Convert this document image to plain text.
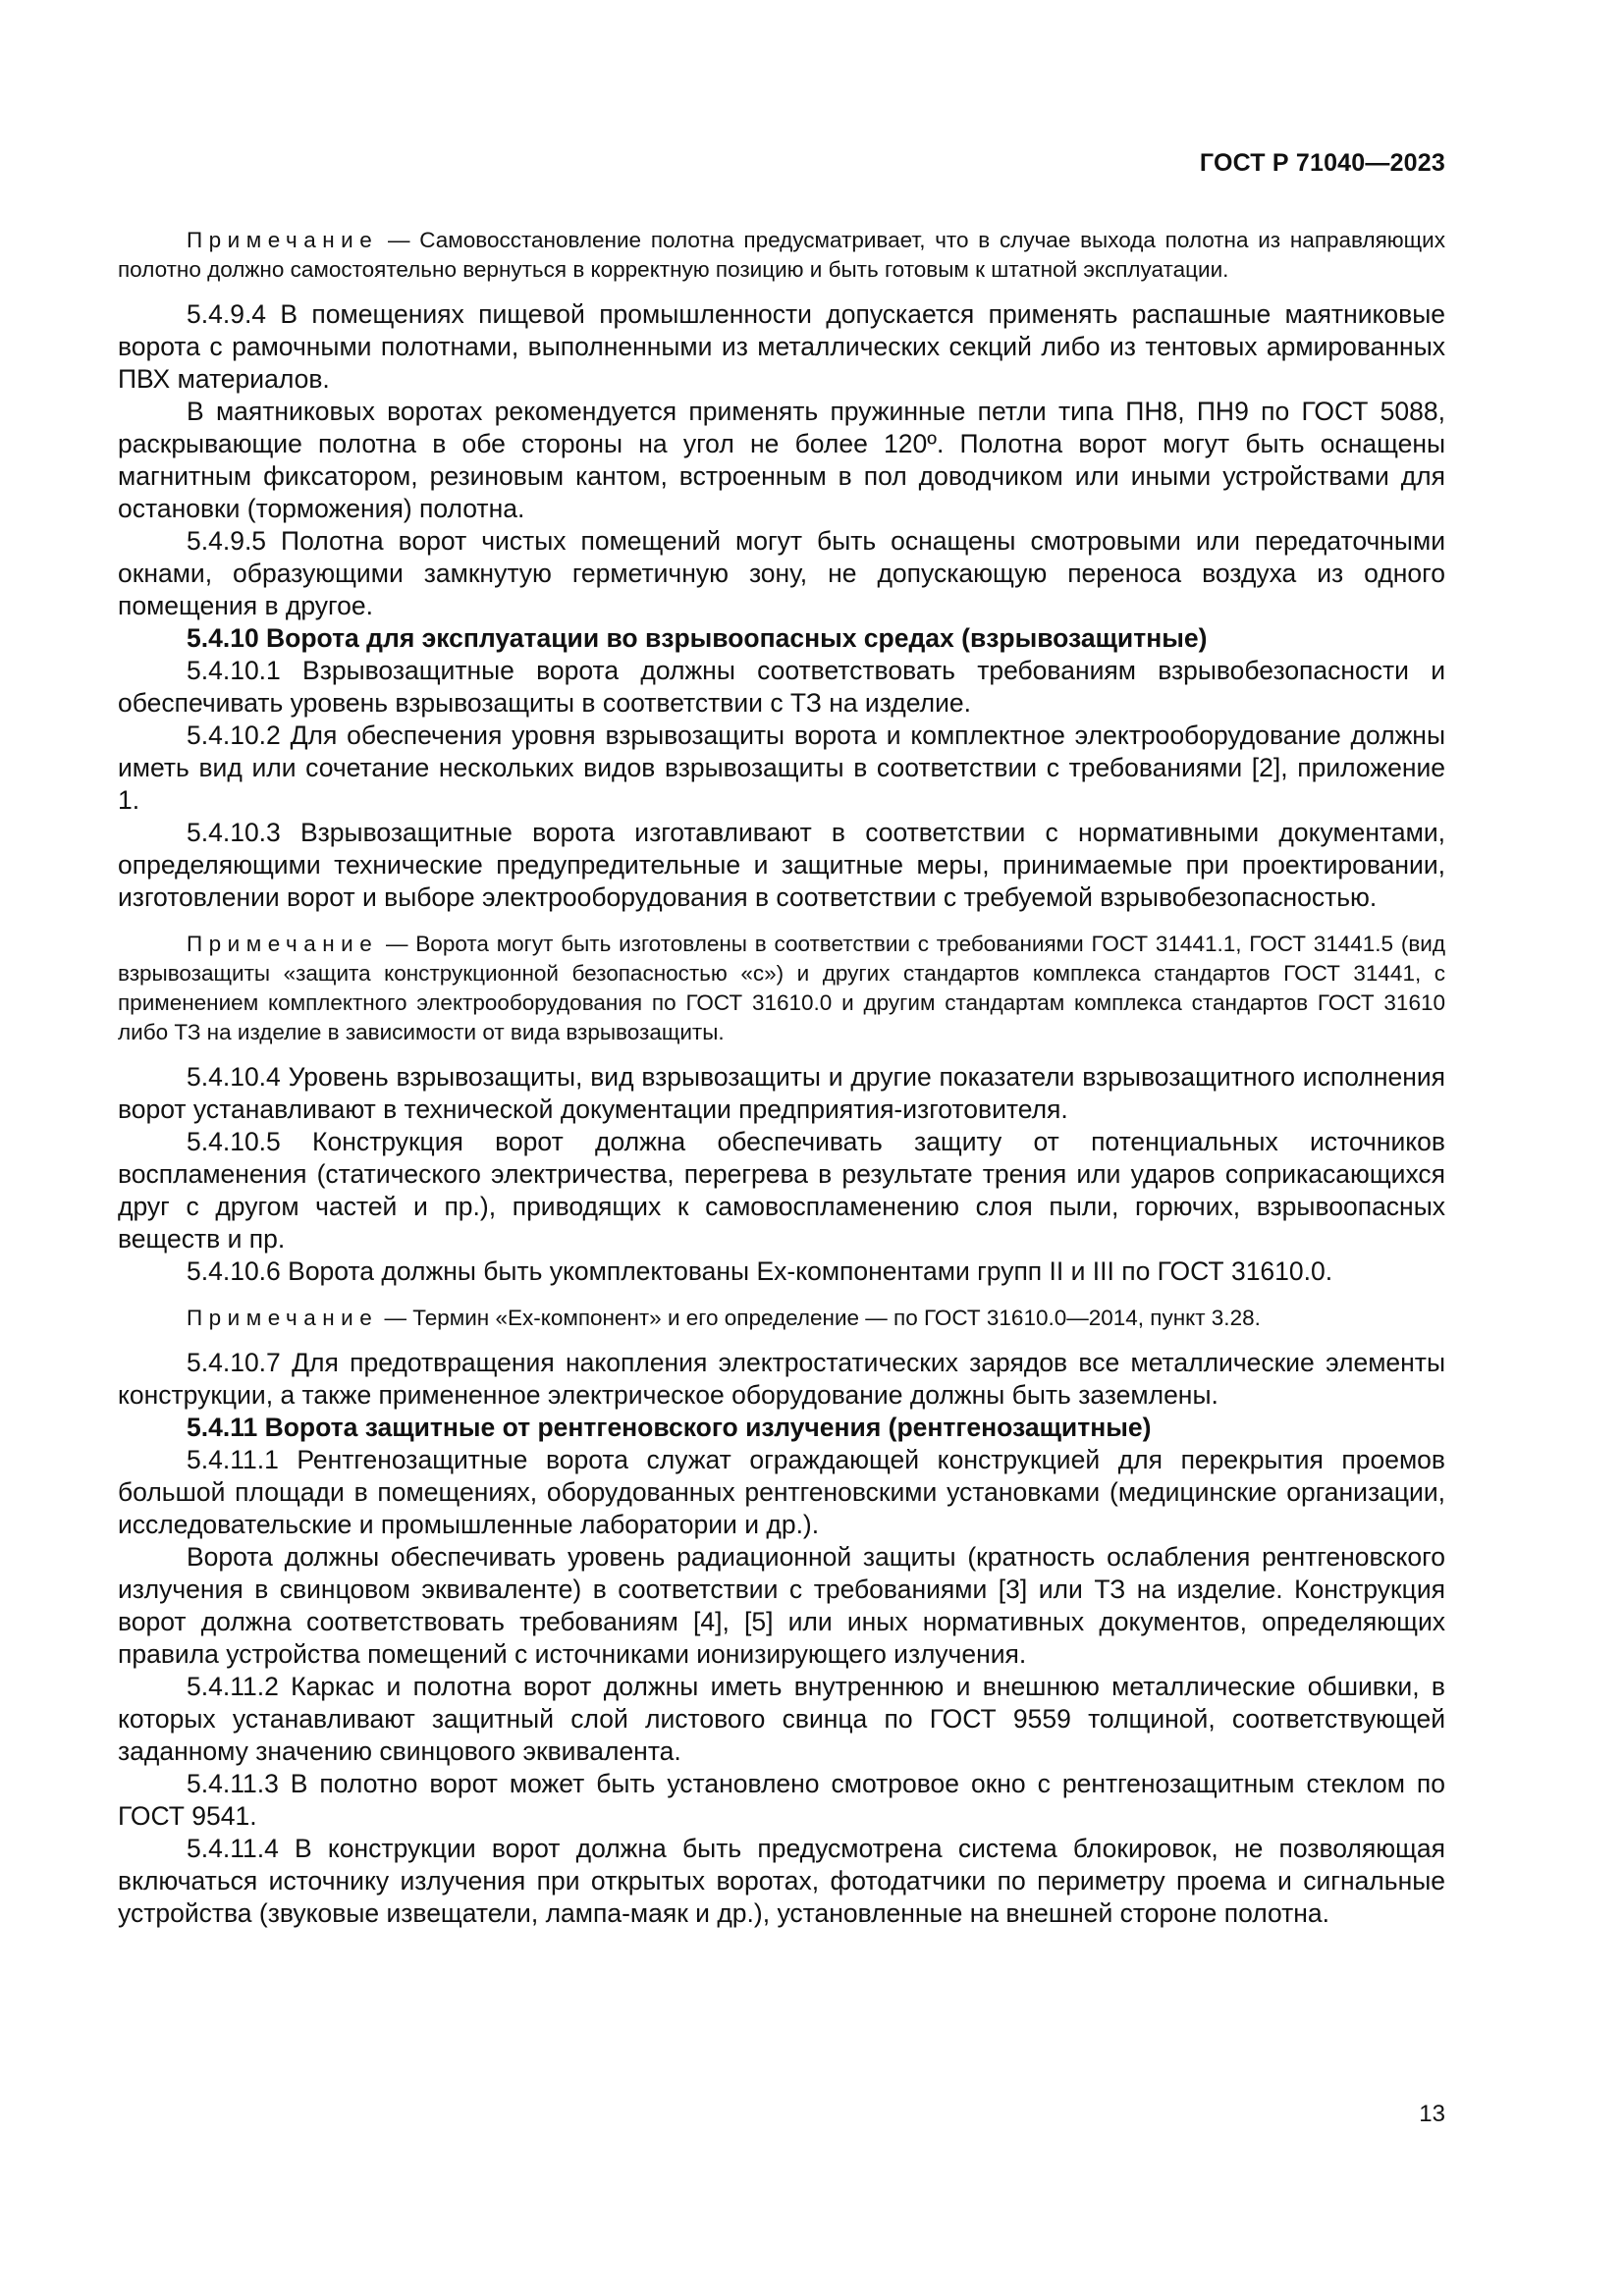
ГОСТ Р 71040—2023

Примечание — Самовосстановление полотна предусматривает, что в случае выхода полотна из направляющих полотно должно самостоятельно вернуться в корректную позицию и быть готовым к штатной эксплуатации.

5.4.9.4 В помещениях пищевой промышленности допускается применять распашные маятниковые ворота с рамочными полотнами, выполненными из металлических секций либо из тентовых армированных ПВХ материалов.

В маятниковых воротах рекомендуется применять пружинные петли типа ПН8, ПН9 по ГОСТ 5088, раскрывающие полотна в обе стороны на угол не более 120º. Полотна ворот могут быть оснащены магнитным фиксатором, резиновым кантом, встроенным в пол доводчиком или иными устройствами для остановки (торможения) полотна.

5.4.9.5 Полотна ворот чистых помещений могут быть оснащены смотровыми или передаточными окнами, образующими замкнутую герметичную зону, не допускающую переноса воздуха из одного помещения в другое.

5.4.10 Ворота для эксплуатации во взрывоопасных средах (взрывозащитные)

5.4.10.1 Взрывозащитные ворота должны соответствовать требованиям взрывобезопасности и обеспечивать уровень взрывозащиты в соответствии с ТЗ на изделие.

5.4.10.2 Для обеспечения уровня взрывозащиты ворота и комплектное электрооборудование должны иметь вид или сочетание нескольких видов взрывозащиты в соответствии с требованиями [2], приложение 1.

5.4.10.3 Взрывозащитные ворота изготавливают в соответствии с нормативными документами, определяющими технические предупредительные и защитные меры, принимаемые при проектировании, изготовлении ворот и выборе электрооборудования в соответствии с требуемой взрывобезопасностью.

Примечание — Ворота могут быть изготовлены в соответствии с требованиями ГОСТ 31441.1, ГОСТ 31441.5 (вид взрывозащиты «защита конструкционной безопасностью «с») и других стандартов комплекса стандартов ГОСТ 31441, с применением комплектного электрооборудования по ГОСТ 31610.0 и другим стандартам комплекса стандартов ГОСТ 31610 либо ТЗ на изделие в зависимости от вида взрывозащиты.

5.4.10.4 Уровень взрывозащиты, вид взрывозащиты и другие показатели взрывозащитного исполнения ворот устанавливают в технической документации предприятия-изготовителя.

5.4.10.5 Конструкция ворот должна обеспечивать защиту от потенциальных источников воспламенения (статического электричества, перегрева в результате трения или ударов соприкасающихся друг с другом частей и пр.), приводящих к самовоспламенению слоя пыли, горючих, взрывоопасных веществ и пр.

5.4.10.6 Ворота должны быть укомплектованы Ex-компонентами групп II и III по ГОСТ 31610.0.

Примечание — Термин «Ex-компонент» и его определение — по ГОСТ 31610.0—2014, пункт 3.28.

5.4.10.7 Для предотвращения накопления электростатических зарядов все металлические элементы конструкции, а также примененное электрическое оборудование должны быть заземлены.

5.4.11 Ворота защитные от рентгеновского излучения (рентгенозащитные)

5.4.11.1 Рентгенозащитные ворота служат ограждающей конструкцией для перекрытия проемов большой площади в помещениях, оборудованных рентгеновскими установками (медицинские организации, исследовательские и промышленные лаборатории и др.).

Ворота должны обеспечивать уровень радиационной защиты (кратность ослабления рентгеновского излучения в свинцовом эквиваленте) в соответствии с требованиями [3] или ТЗ на изделие. Конструкция ворот должна соответствовать требованиям [4], [5] или иных нормативных документов, определяющих правила устройства помещений с источниками ионизирующего излучения.

5.4.11.2 Каркас и полотна ворот должны иметь внутреннюю и внешнюю металлические обшивки, в которых устанавливают защитный слой листового свинца по ГОСТ 9559 толщиной, соответствующей заданному значению свинцового эквивалента.

5.4.11.3 В полотно ворот может быть установлено смотровое окно с рентгенозащитным стеклом по ГОСТ 9541.

5.4.11.4 В конструкции ворот должна быть предусмотрена система блокировок, не позволяющая включаться источнику излучения при открытых воротах, фотодатчики по периметру проема и сигнальные устройства (звуковые извещатели, лампа-маяк и др.), установленные на внешней стороне полотна.

13
